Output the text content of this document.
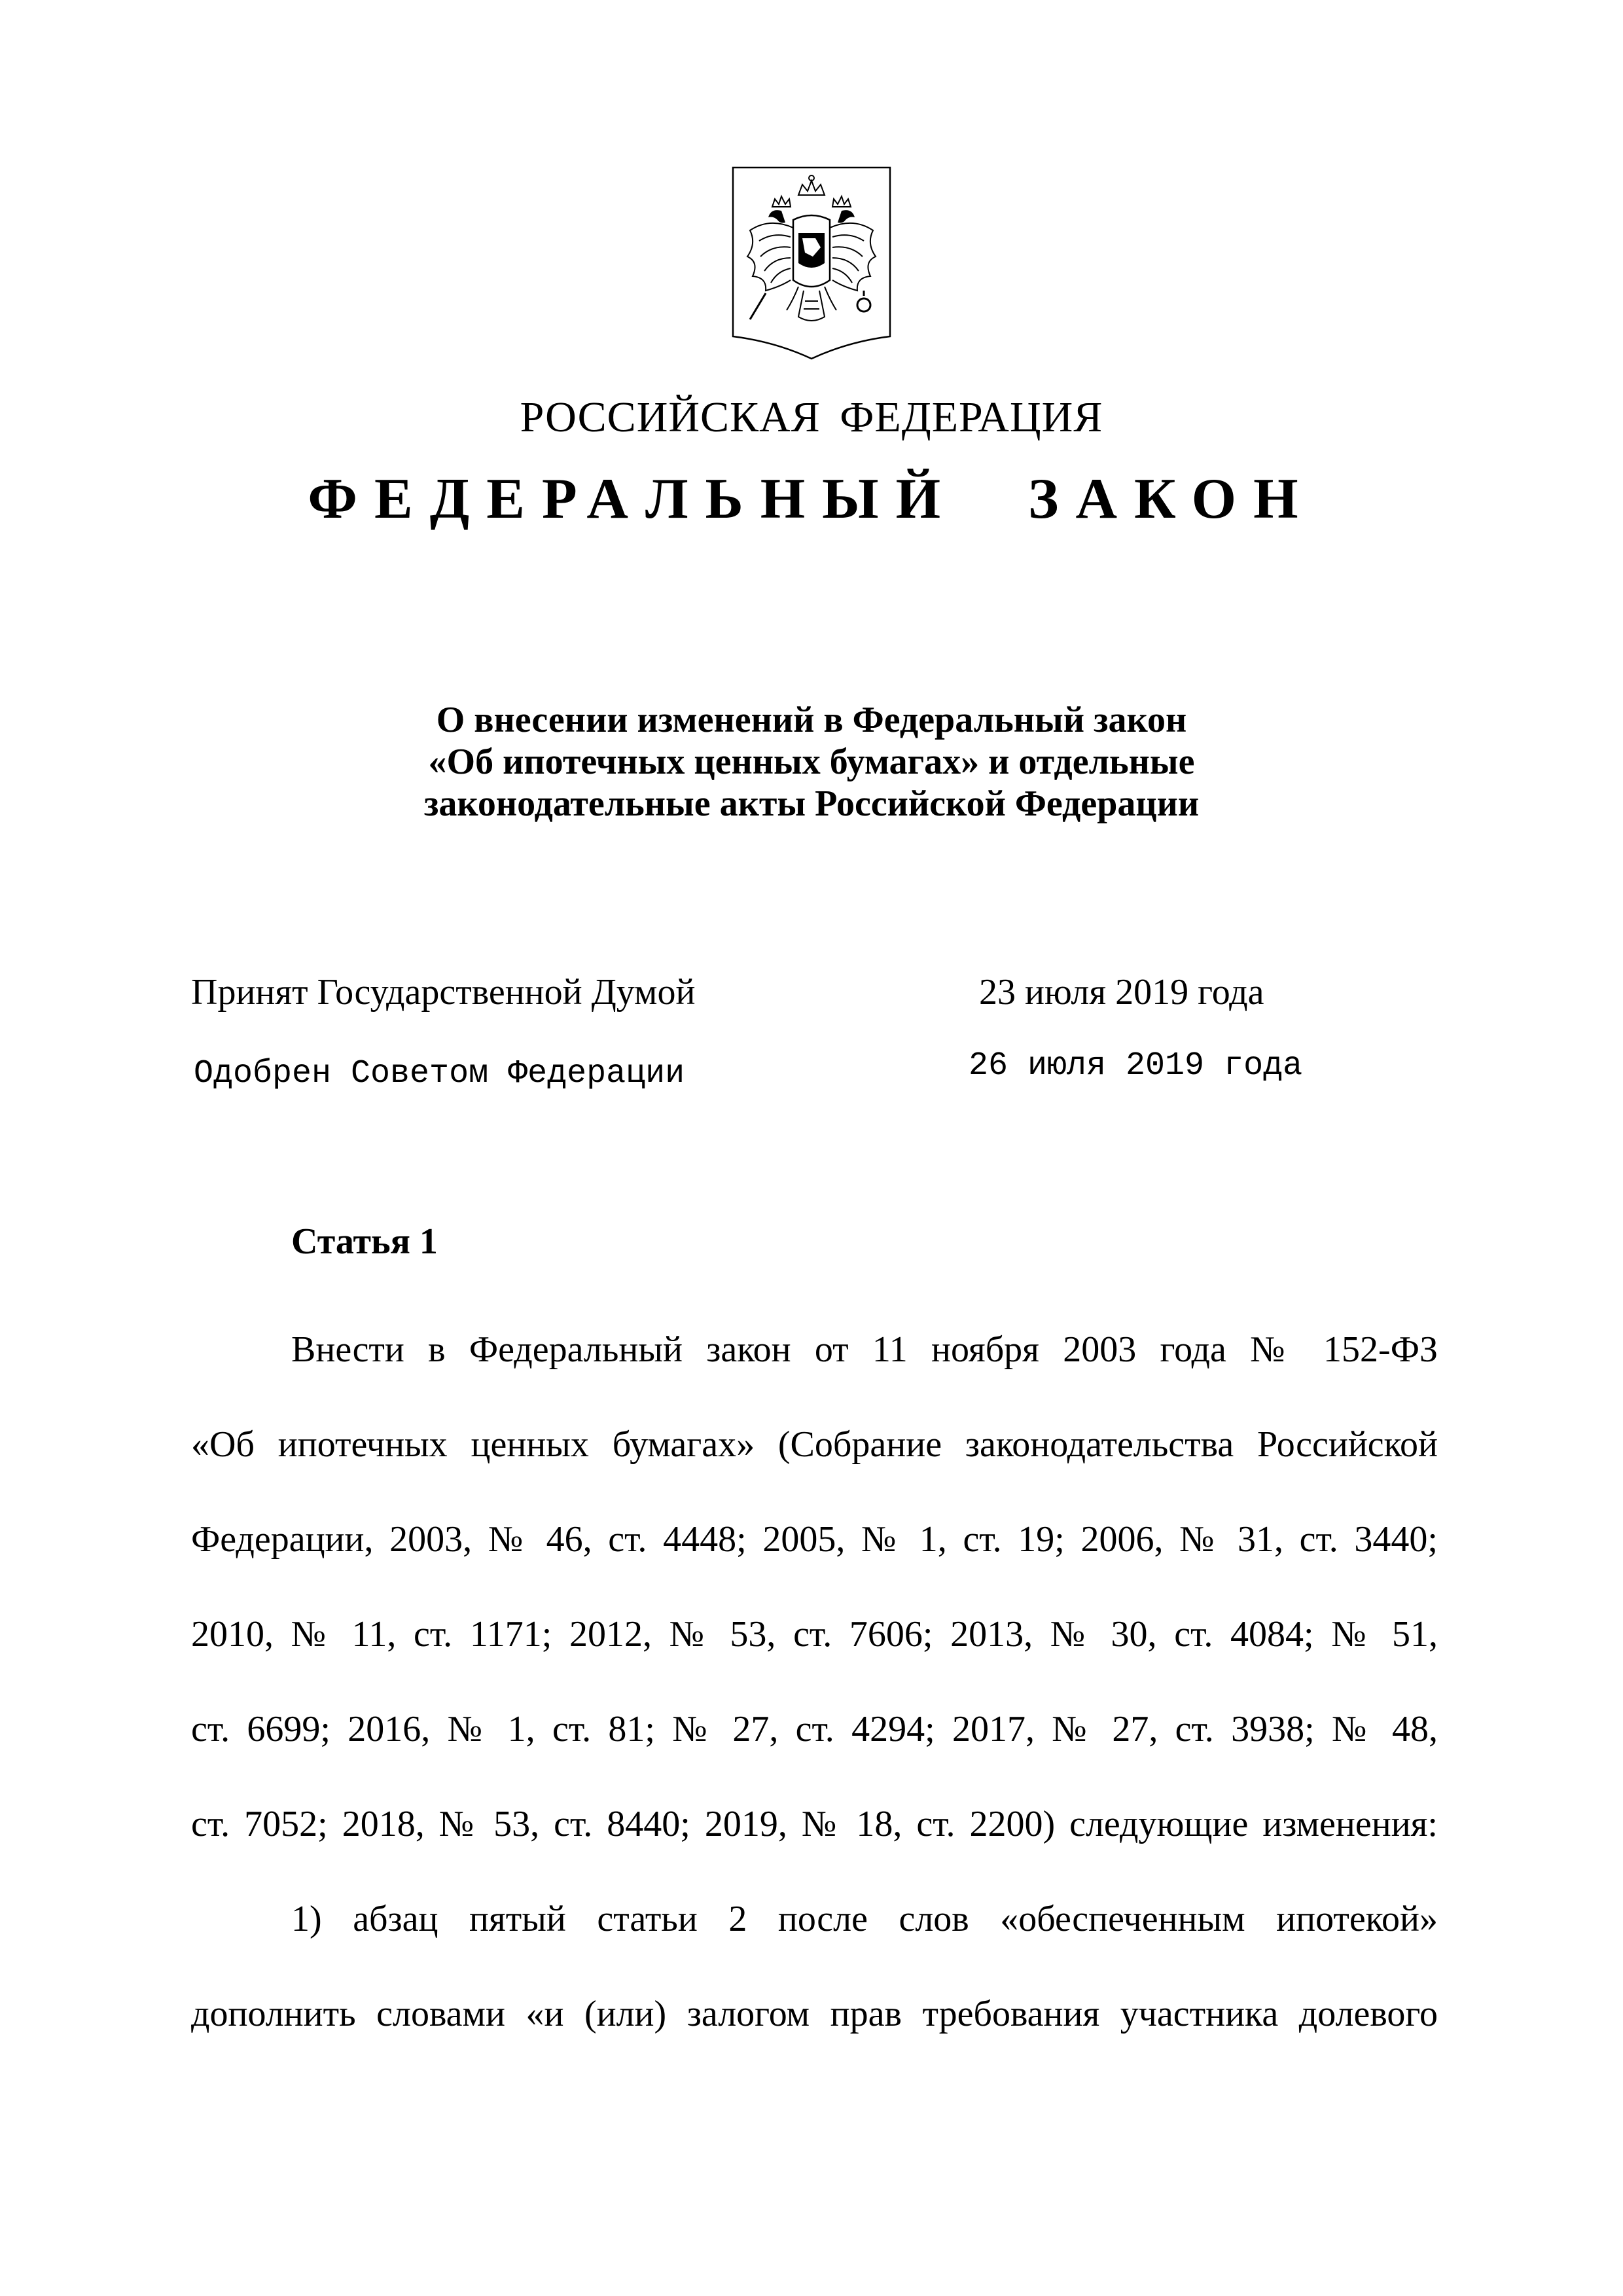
РОССИЙСКАЯ ФЕДЕРАЦИЯ
ФЕДЕРАЛЬНЫЙ ЗАКОН
О внесении изменений в Федеральный закон
«Об ипотечных ценных бумагах» и отдельные
законодательные акты Российской Федерации
Принят Государственной Думой	23 июля 2019 года
Одобрен Советом Федерации	26 июля 2019 года
Статья 1
Внести в Федеральный закон от 11 ноября 2003 года № 152-ФЗ
«Об ипотечных ценных бумагах» (Собрание законодательства Российской
Федерации, 2003, № 46, ст. 4448; 2005, № 1, ст. 19; 2006, № 31, ст. 3440;
2010, № 11, ст. 1171; 2012, № 53, ст. 7606; 2013, № 30, ст. 4084; № 51,
ст. 6699; 2016, № 1, ст. 81; № 27, ст. 4294; 2017, № 27, ст. 3938; № 48,
ст. 7052; 2018, № 53, ст. 8440; 2019, № 18, ст. 2200) следующие изменения:
1) абзац пятый статьи 2 после слов «обеспеченным ипотекой»
дополнить словами «и (или) залогом прав требования участника долевого
